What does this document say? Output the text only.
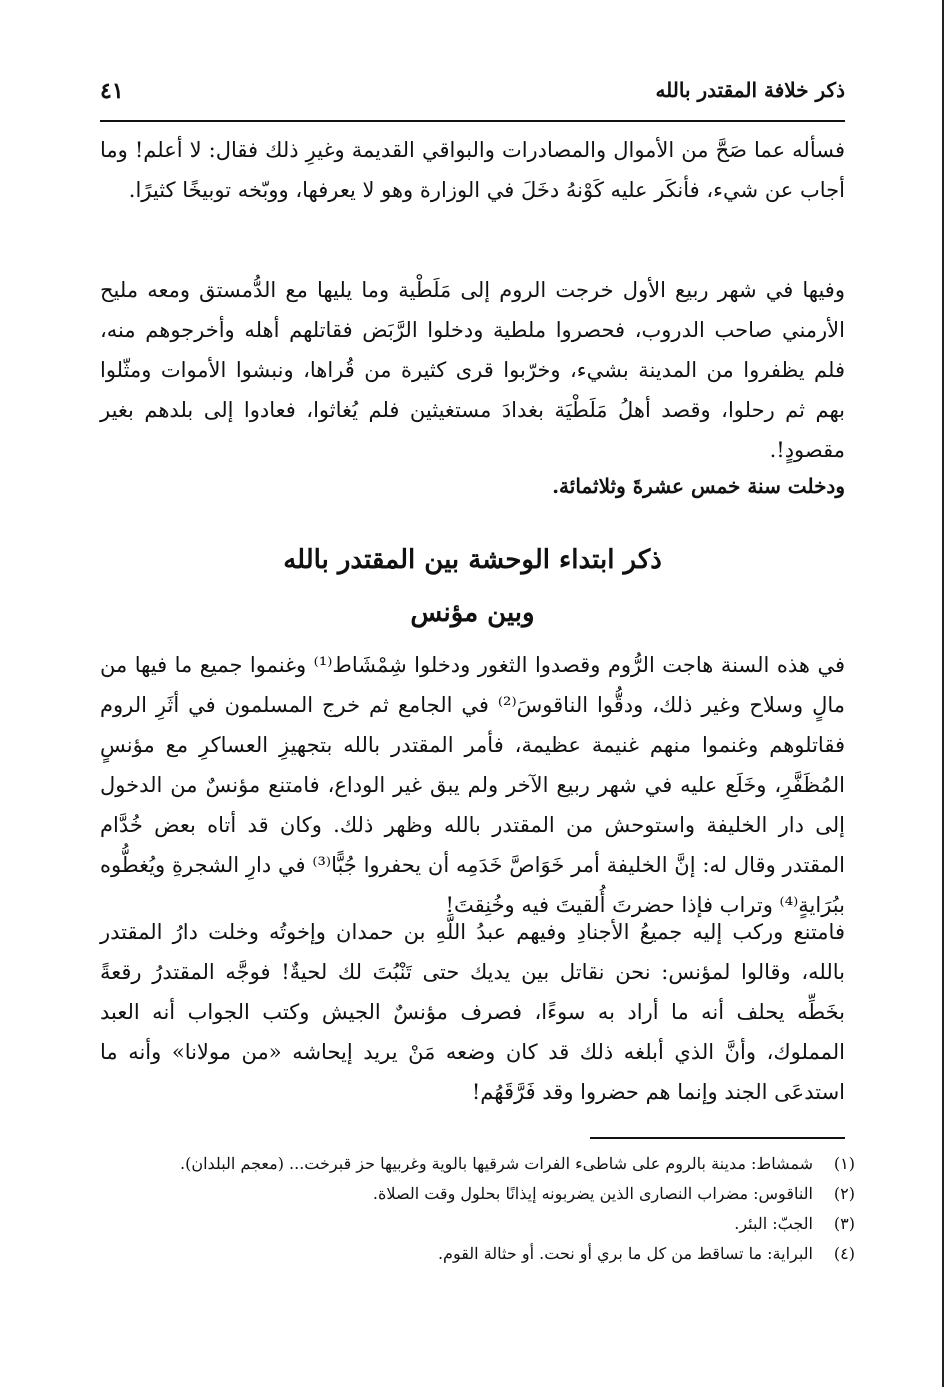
ذكر خلافة المقتدر بالله
٤١

فسأله عما صَحَّ من الأموال والمصادرات والبواقي القديمة وغيرِ ذلك فقال: لا أعلم! وما أجاب عن شيء، فأنكَر عليه كَوْنهُ دخَلَ في الوزارة وهو لا يعرفها، ووبّخه توبيخًا كثيرًا.

وفيها في شهر ربيع الأول خرجت الروم إلى مَلَطْية وما يليها مع الدُّمستق ومعه مليح الأرمني صاحب الدروب، فحصروا ملطية ودخلوا الرَّبَض فقاتلهم أهله وأخرجوهم منه، فلم يظفروا من المدينة بشيء، وخرّبوا قرى كثيرة من قُراها، ونبشوا الأموات ومثّلوا بهم ثم رحلوا، وقصد أهلُ مَلَطْيَة بغدادَ مستغيثين فلم يُغاثوا، فعادوا إلى بلدهم بغير مقصودٍ!.

ودخلت سنة خمس عشرةَ وثلاثمائة.
ذكر ابتداء الوحشة بين المقتدر بالله
وبين مؤنس

في هذه السنة هاجت الرُّوم وقصدوا الثغور ودخلوا شِمْشَاط⁽¹⁾ وغنموا جميع ما فيها من مالٍ وسلاح وغير ذلك، ودقُّوا الناقوسَ⁽²⁾ في الجامع ثم خرج المسلمون في أثَرِ الروم فقاتلوهم وغنموا منهم غنيمة عظيمة، فأمر المقتدر بالله بتجهيزِ العساكرِ مع مؤنسٍ المُظَفَّرِ، وخَلَع عليه في شهر ربيع الآخر ولم يبق غير الوداع، فامتنع مؤنسٌ من الدخول إلى دار الخليفة واستوحش من المقتدر بالله وظهر ذلك. وكان قد أتاه بعض خُدَّام المقتدر وقال له: إنَّ الخليفة أمر خَوَاصَّ خَدَمِه أن يحفروا جُبًّا⁽³⁾ في دارِ الشجرةِ ويُغطُّوه ببُرَايةٍ⁽⁴⁾ وتراب فإذا حضرتَ أُلقيتَ فيه وخُنِقتَ!

فامتنع وركب إليه جميعُ الأجنادِ وفيهم عبدُ اللَّهِ بن حمدان وإخوتُه وخلت دارُ المقتدر بالله، وقالوا لمؤنس: نحن نقاتل بين يديك حتى تَنْبُتَ لك لحيةٌ! فوجَّه المقتدرُ رقعةً بخَطِّه يحلف أنه ما أراد به سوءًا، فصرف مؤنسٌ الجيش وكتب الجواب أنه العبد المملوك، وأنَّ الذي أبلغه ذلك قد كان وضعه مَنْ يريد إيحاشه «من مولانا» وأنه ما استدعَى الجند وإنما هم حضروا وقد فَرَّقَهُم!

(١)
شمشاط: مدينة بالروم على شاطىء الفرات شرقيها بالوية وغربيها حز قبرخت... (معجم البلدان).
(٢)
الناقوس: مضراب النصارى الذين يضربونه إيذانًا بحلول وقت الصلاة.
(٣)
الجبّ: البئر.
(٤)
البراية: ما تساقط من كل ما بري أو نحت. أو حثالة القوم.
